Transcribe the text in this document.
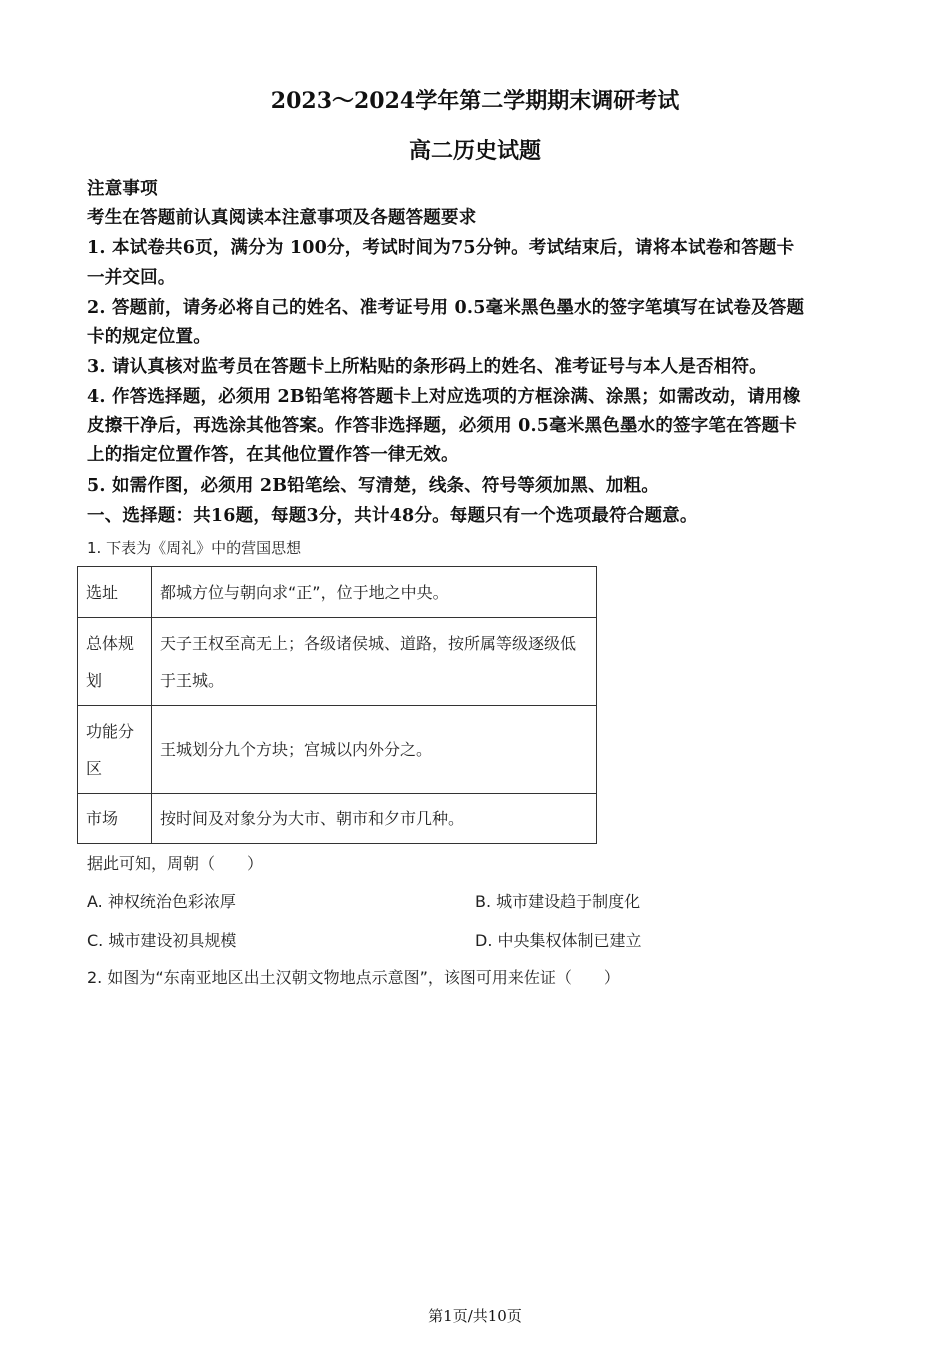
2023～2024学年第二学期期末调研考试
高二历史试题
注意事项
考生在答题前认真阅读本注意事项及各题答题要求
1. 本试卷共6页，满分为 100分，考试时间为75分钟。考试结束后，请将本试卷和答题卡
一并交回。
2. 答题前，请务必将自己的姓名、准考证号用 0.5毫米黑色墨水的签字笔填写在试卷及答题
卡的规定位置。
3. 请认真核对监考员在答题卡上所粘贴的条形码上的姓名、准考证号与本人是否相符。
4. 作答选择题，必须用 2B铅笔将答题卡上对应选项的方框涂满、涂黑；如需改动，请用橡
皮擦干净后，再选涂其他答案。作答非选择题，必须用 0.5毫米黑色墨水的签字笔在答题卡
上的指定位置作答，在其他位置作答一律无效。
5. 如需作图，必须用 2B铅笔绘、写清楚，线条、符号等须加黑、加粗。
一、选择题：共16题，每题3分，共计48分。每题只有一个选项最符合题意。
1. 下表为《周礼》中的营国思想
选址	都城方位与朝向求“正”，位于地之中央。
总体规划	天子王权至高无上；各级诸侯城、道路，按所属等级逐级低于王城。
功能分区	王城划分九个方块；宫城以内外分之。
市场	按时间及对象分为大市、朝市和夕市几种。
据此可知，周朝（　　）
A. 神权统治色彩浓厚	B. 城市建设趋于制度化
C. 城市建设初具规模	D. 中央集权体制已建立
2. 如图为“东南亚地区出土汉朝文物地点示意图”，该图可用来佐证（　　）
第1页/共10页
